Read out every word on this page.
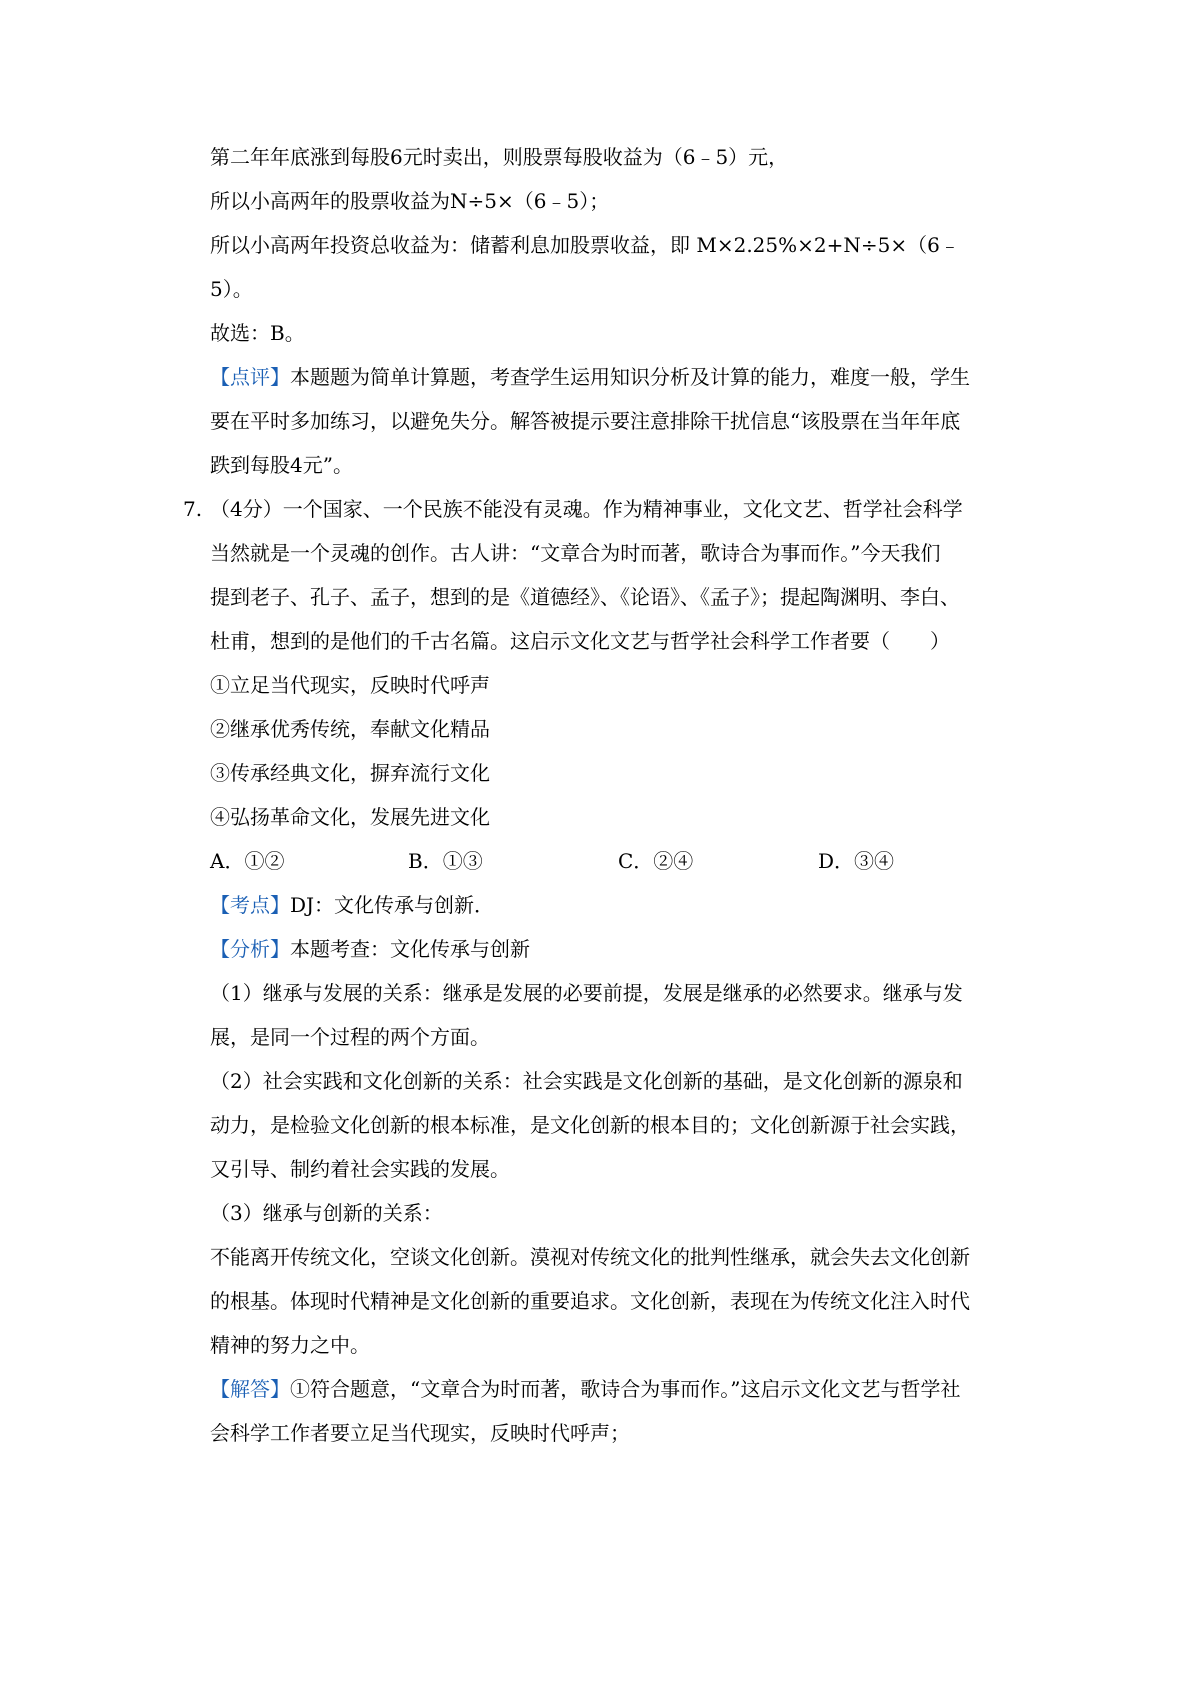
第二年年底涨到每股6元时卖出，则股票每股收益为（6﹣5）元，
所以小高两年的股票收益为N÷5×（6﹣5）；
所以小高两年投资总收益为：储蓄利息加股票收益，即 M×2.25%×2+N÷5×（6﹣
5）。
故选：B。
【点评】本题题为简单计算题，考查学生运用知识分析及计算的能力，难度一般，学生
要在平时多加练习，以避免失分。解答被提示要注意排除干扰信息“该股票在当年年底
跌到每股4元”。
7. （4分）一个国家、一个民族不能没有灵魂。作为精神事业，文化文艺、哲学社会科学
当然就是一个灵魂的创作。古人讲：“文章合为时而著，歌诗合为事而作。”今天我们
提到老子、孔子、孟子，想到的是《道德经》、《论语》、《孟子》；提起陶渊明、李白、
杜甫，想到的是他们的千古名篇。这启示文化文艺与哲学社会科学工作者要（　　）
①立足当代现实，反映时代呼声
②继承优秀传统，奉献文化精品
③传承经典文化，摒弃流行文化
④弘扬革命文化，发展先进文化
A．①②	B．①③	C．②④	D．③④
【考点】DJ：文化传承与创新．
【分析】本题考查：文化传承与创新
（1）继承与发展的关系：继承是发展的必要前提，发展是继承的必然要求。继承与发
展，是同一个过程的两个方面。
（2）社会实践和文化创新的关系：社会实践是文化创新的基础，是文化创新的源泉和
动力，是检验文化创新的根本标准，是文化创新的根本目的；文化创新源于社会实践，
又引导、制约着社会实践的发展。
（3）继承与创新的关系：
不能离开传统文化，空谈文化创新。漠视对传统文化的批判性继承，就会失去文化创新
的根基。体现时代精神是文化创新的重要追求。文化创新，表现在为传统文化注入时代
精神的努力之中。
【解答】①符合题意，“文章合为时而著，歌诗合为事而作。”这启示文化文艺与哲学社
会科学工作者要立足当代现实，反映时代呼声；
